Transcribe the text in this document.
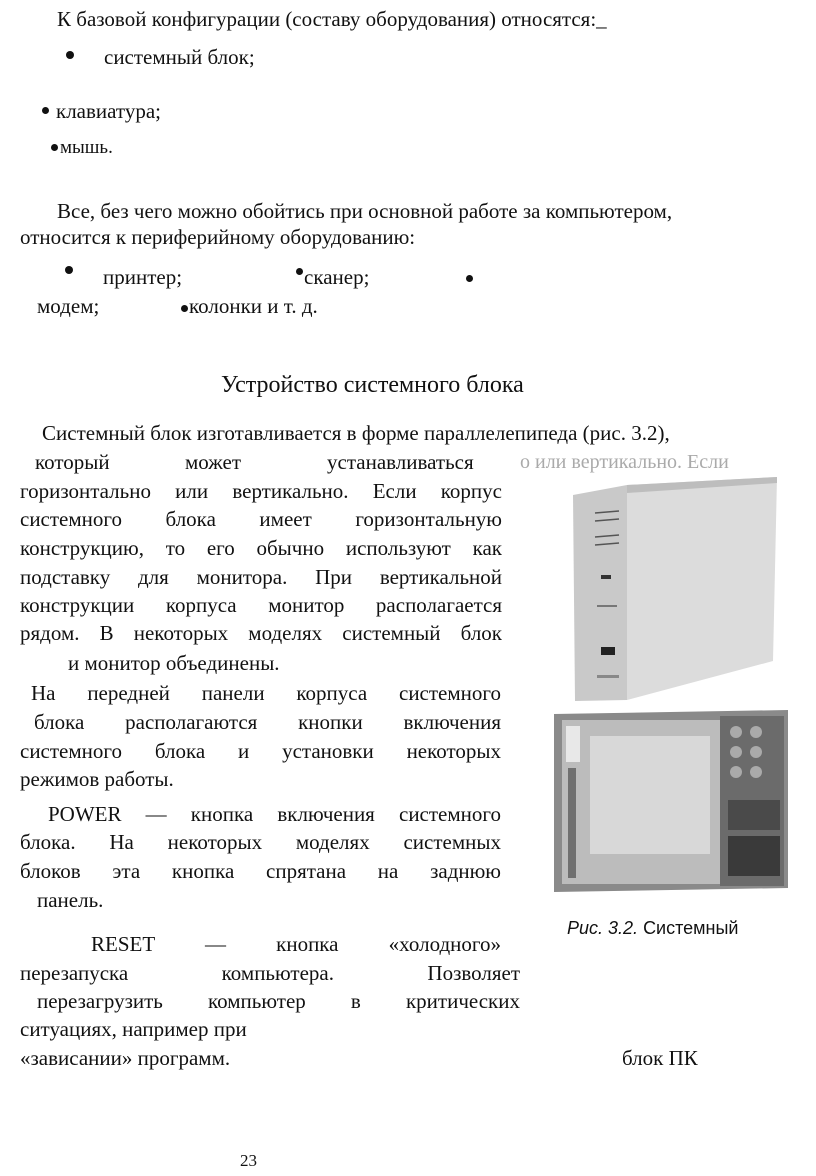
К базовой конфигурации (составу оборудования) относятся:_
системный блок;
клавиатура;
мышь.
Все, без чего можно обойтись при основной работе за компьютером,
относится к периферийному оборудованию:
принтер;	сканер;
модем;	колонки и т. д.
Устройство системного блока
Системный блок изготавливается в форме параллелепипеда (рис. 3.2),
который	может	устанавливаться о или вертикально. Если
горизонтально или вертикально. Если корпус
системного блока имеет горизонтальную
конструкцию, то его обычно используют как
подставку для монитора. При вертикальной
конструкции корпуса монитор располагается
рядом. В некоторых моделях системный блок
и монитор объединены.
На передней панели корпуса системного
блока располагаются кнопки включения
системного блока и установки некоторых
режимов работы.
POWER — кнопка включения системного
блока. На некоторых моделях системных
блоков эта кнопка спрятана на заднюю
панель.
RESET — кнопка «холодного»
перезапуска компьютера. Позволяет
перезагрузить компьютер в критических
ситуациях, например при
«зависании» программ.
Рис. 3.2. Системный
блок ПК
23
